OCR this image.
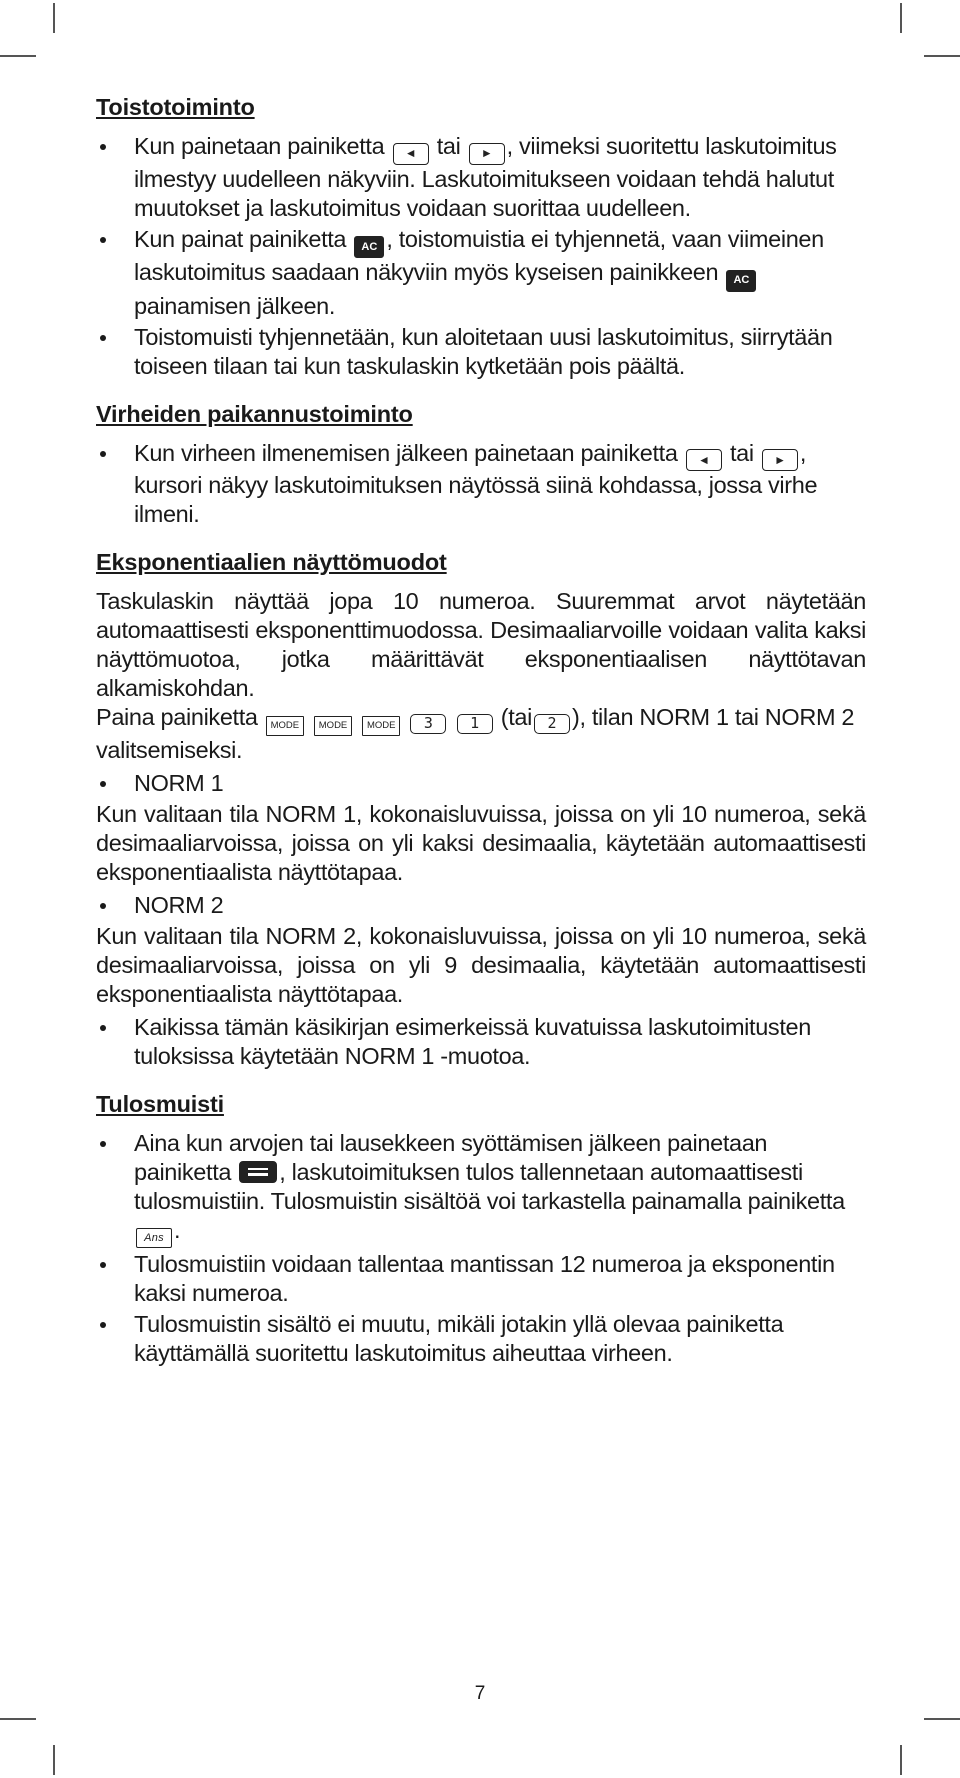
Toistotoiminto
Kun painetaan painiketta ◄ tai ► , viimeksi suoritettu laskutoimitus ilmestyy uudelleen näkyviin. Laskutoimitukseen voidaan tehdä halutut muutokset ja laskutoimitus voidaan suorittaa uudelleen.
Kun painat painiketta AC , toistomuistia ei tyhjennetä, vaan viimeinen laskutoimitus saadaan näkyviin myös kyseisen painikkeen AC painamisen jälkeen.
Toistomuisti tyhjennetään, kun aloitetaan uusi laskutoimitus, siirrytään toiseen tilaan tai kun taskulaskin kytketään pois päältä.
Virheiden paikannustoiminto
Kun virheen ilmenemisen jälkeen painetaan painiketta ◄ tai ► , kursori näkyy laskutoimituksen näytössä siinä kohdassa, jossa virhe ilmeni.
Eksponentiaalien näyttömuodot

Taskulaskin näyttää jopa 10 numeroa. Suuremmat arvot näytetään automaattisesti eksponenttimuodossa. Desimaaliarvoille voidaan valita kaksi näyttömuotoa, jotka määrittävät eksponentiaalisen näyttötavan alkamiskohdan.

Paina painiketta MODE MODE MODE 3 1 (tai 2 ), tilan NORM 1 tai NORM 2 valitsemiseksi.

NORM 1

Kun valitaan tila NORM 1, kokonaisluvuissa, joissa on yli 10 numeroa, sekä desimaaliarvoissa, joissa on yli kaksi desimaalia, käytetään automaattisesti eksponentiaalista näyttötapaa.

NORM 2

Kun valitaan tila NORM 2, kokonaisluvuissa, joissa on yli 10 numeroa, sekä desimaaliarvoissa, joissa on yli 9 desimaalia, käytetään automaattisesti eksponentiaalista näyttötapaa.

Kaikissa tämän käsikirjan esimerkeissä kuvatuissa laskutoimitusten tuloksissa käytetään NORM 1 -muotoa.
Tulosmuisti
Aina kun arvojen tai lausekkeen syöttämisen jälkeen painetaan painiketta , laskutoimituksen tulos tallennetaan automaattisesti tulosmuistiin. Tulosmuistin sisältöä voi tarkastella painamalla painiketta Ans .
Tulosmuistiin voidaan tallentaa mantissan 12 numeroa ja eksponentin kaksi numeroa.
Tulosmuistin sisältö ei muutu, mikäli jotakin yllä olevaa painiketta käyttämällä suoritettu laskutoimitus aiheuttaa virheen.
7
